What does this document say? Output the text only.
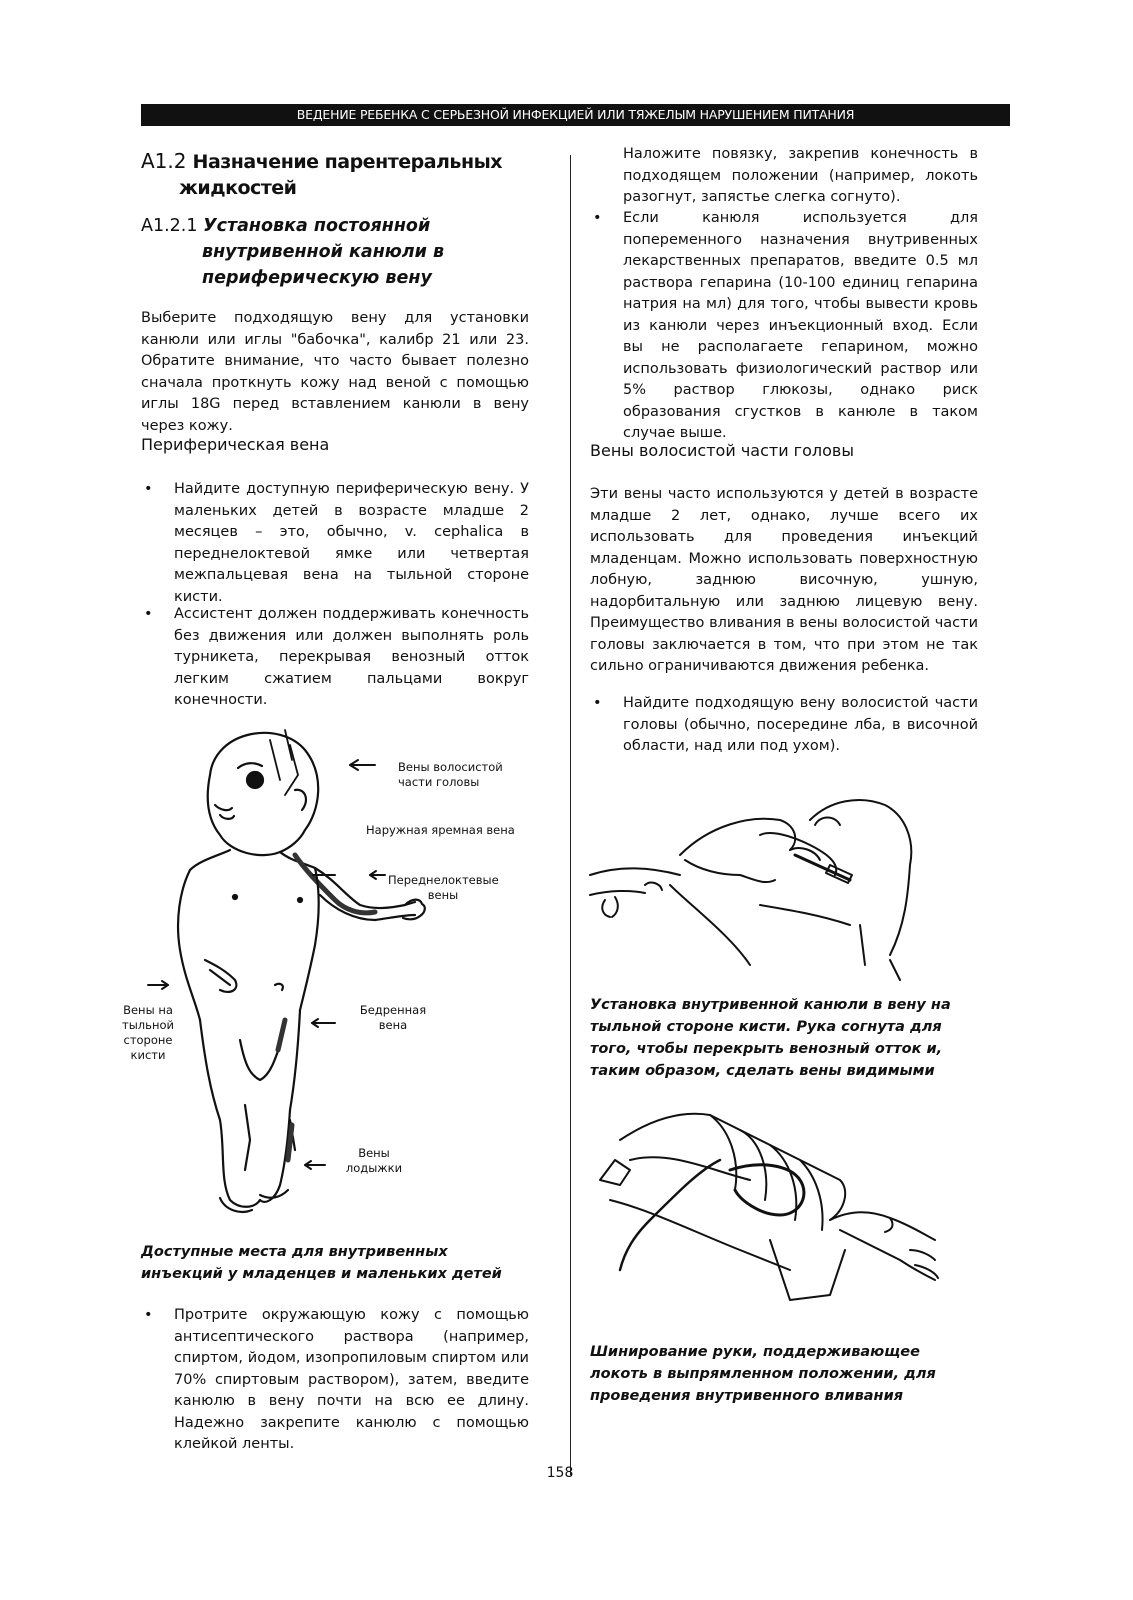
ВЕДЕНИЕ РЕБЕНКА С СЕРЬЕЗНОЙ ИНФЕКЦИЕЙ ИЛИ ТЯЖЕЛЫМ НАРУШЕНИЕМ ПИТАНИЯ
A1.2 Назначение парентеральных
жидкостей
A1.2.1 Установка постоянной
внутривенной канюли в
периферическую вену
Выберите подходящую вену для установки канюли или иглы "бабочка", калибр 21 или 23. Обратите внимание, что часто бывает полезно сначала проткнуть кожу над веной с помощью иглы 18G перед вставлением канюли в вену через кожу.
Периферическая вена
• Найдите доступную периферическую вену. У маленьких детей в возрасте младше 2 месяцев – это, обычно, v. cephalica в переднелоктевой ямке или четвертая межпальцевая вена на тыльной стороне кисти.
• Ассистент должен поддерживать конечность без движения или должен выполнять роль турникета, перекрывая венозный отток легким сжатием пальцами вокруг конечности.
Вены волосистой части головы
Наружная яремная вена
Переднелоктевые вены
Вены на тыльной стороне кисти
Бедренная вена
Вены лодыжки
Доступные места для внутривенных инъекций у младенцев и маленьких детей
• Протрите окружающую кожу с помощью антисептического раствора (например, спиртом, йодом, изопропиловым спиртом или 70% спиртовым раствором), затем, введите канюлю в вену почти на всю ее длину. Надежно закрепите канюлю с помощью клейкой ленты.
Наложите повязку, закрепив конечность в подходящем положении (например, локоть разогнут, запястье слегка согнуто).
• Если канюля используется для попеременного назначения внутривенных лекарственных препаратов, введите 0.5 мл раствора гепарина (10-100 единиц гепарина натрия на мл) для того, чтобы вывести кровь из канюли через инъекционный вход. Если вы не располагаете гепарином, можно использовать физиологический раствор или 5% раствор глюкозы, однако риск образования сгустков в канюле в таком случае выше.
Вены волосистой части головы
Эти вены часто используются у детей в возрасте младше 2 лет, однако, лучше всего их использовать для проведения инъекций младенцам. Можно использовать поверхностную лобную, заднюю височную, ушную, надорбитальную или заднюю лицевую вену. Преимущество вливания в вены волосистой части головы заключается в том, что при этом не так сильно ограничиваются движения ребенка.
• Найдите подходящую вену волосистой части головы (обычно, посередине лба, в височной области, над или под ухом).
Установка внутривенной канюли в вену на тыльной стороне кисти. Рука согнута для того, чтобы перекрыть венозный отток и, таким образом, сделать вены видимыми
Шинирование руки, поддерживающее локоть в выпрямленном положении, для проведения внутривенного вливания
158
